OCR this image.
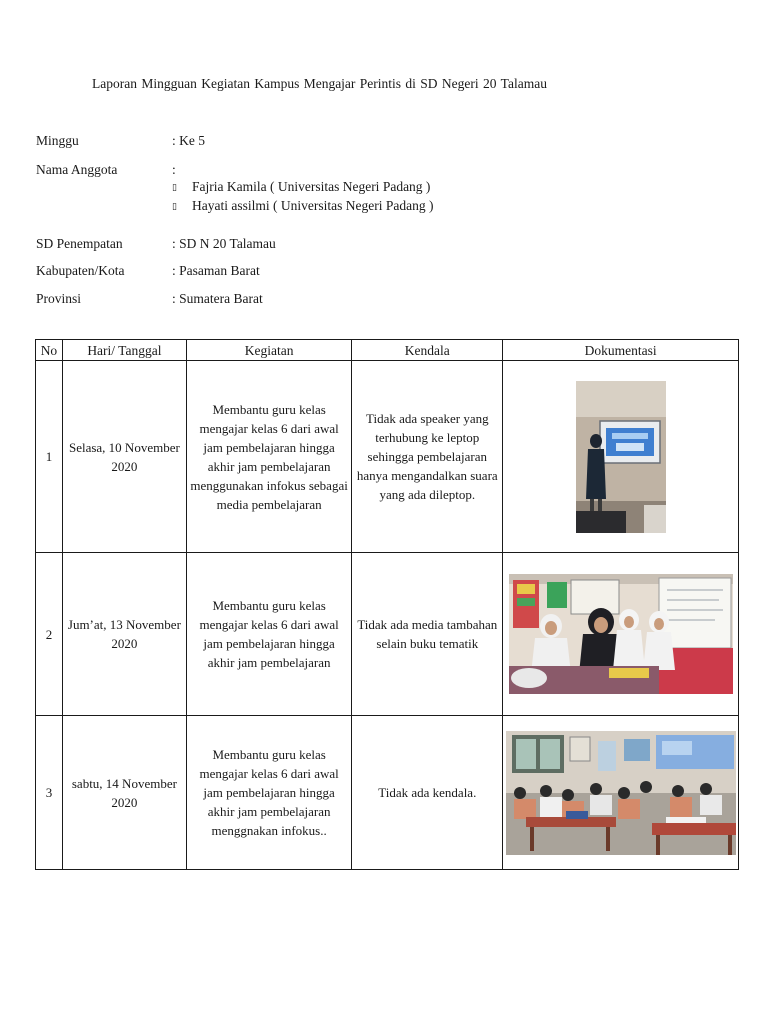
Laporan Mingguan Kegiatan Kampus Mengajar Perintis di SD Negeri 20 Talamau
Minggu	: Ke 5
Nama Anggota	:
▯ Fajria Kamila ( Universitas Negeri Padang )
▯ Hayati assilmi ( Universitas Negeri Padang )
SD Penempatan	: SD N 20 Talamau
Kabupaten/Kota	: Pasaman Barat
Provinsi	: Sumatera Barat
No	Hari/ Tanggal	Kegiatan	Kendala	Dokumentasi
1	Selasa, 10 November 2020	Membantu guru kelas mengajar kelas 6 dari awal jam pembelajaran hingga akhir jam pembelajaran menggunakan infokus sebagai media pembelajaran	Tidak ada speaker yang terhubung ke leptop sehingga pembelajaran hanya mengandalkan suara yang ada dileptop.	

2	Jum’at, 13 November 2020	Membantu guru kelas mengajar kelas 6 dari awal jam pembelajaran hingga akhir jam pembelajaran	Tidak ada media tambahan selain buku tematik	

3	sabtu, 14 November 2020	Membantu guru kelas mengajar kelas 6 dari awal jam pembelajaran hingga akhir jam pembelajaran menggnakan infokus..	Tidak ada kendala.	
